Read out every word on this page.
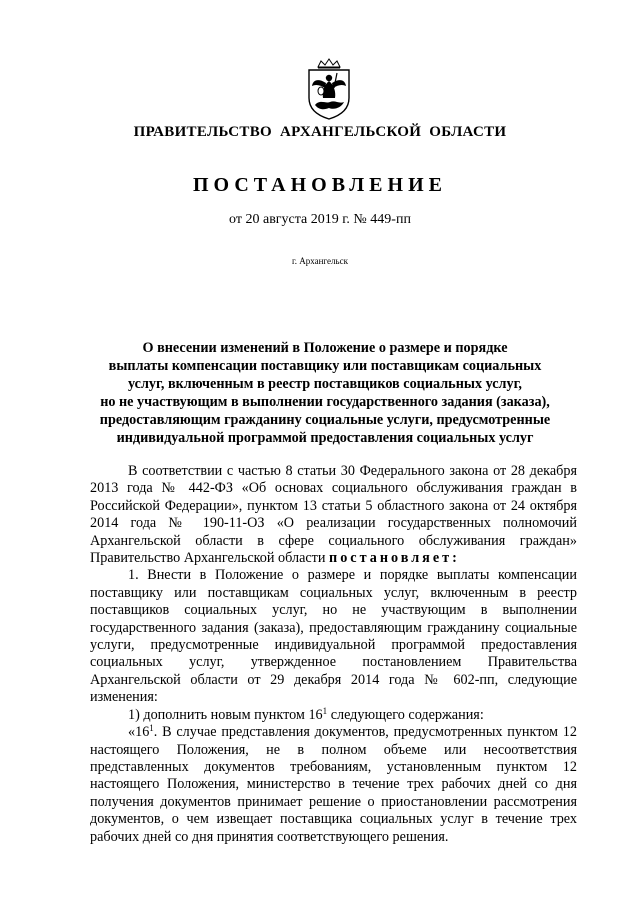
ПРАВИТЕЛЬСТВО АРХАНГЕЛЬСКОЙ ОБЛАСТИ
ПОСТАНОВЛЕНИЕ
от 20 августа 2019 г. № 449-пп
г. Архангельск
О внесении изменений в Положение о размере и порядке
выплаты компенсации поставщику или поставщикам социальных
услуг, включенным в реестр поставщиков социальных услуг,
но не участвующим в выполнении государственного задания (заказа),
предоставляющим гражданину социальные услуги, предусмотренные
индивидуальной программой предоставления социальных услуг

В соответствии с частью 8 статьи 30 Федерального закона от 28 декабря 2013 года № 442-ФЗ «Об основах социального обслуживания граждан в Российской Федерации», пунктом 13 статьи 5 областного закона от 24 октября 2014 года № 190-11-ОЗ «О реализации государственных полномочий Архангельской области в сфере социального обслуживания граждан» Правительство Архангельской области постановляет:

1. Внести в Положение о размере и порядке выплаты компенсации поставщику или поставщикам социальных услуг, включенным в реестр поставщиков социальных услуг, но не участвующим в выполнении государственного задания (заказа), предоставляющим гражданину социальные услуги, предусмотренные индивидуальной программой предоставления социальных услуг, утвержденное постановлением Правительства Архангельской области от 29 декабря 2014 года № 602-пп, следующие изменения:

1) дополнить новым пунктом $16^1$ следующего содержания:

«$16^1$. В случае представления документов, предусмотренных пунктом 12 настоящего Положения, не в полном объеме или несоответствия представленных документов требованиям, установленным пунктом 12 настоящего Положения, министерство в течение трех рабочих дней со дня получения документов принимает решение о приостановлении рассмотрения документов, о чем извещает поставщика социальных услуг в течение трех рабочих дней со дня принятия соответствующего решения.
